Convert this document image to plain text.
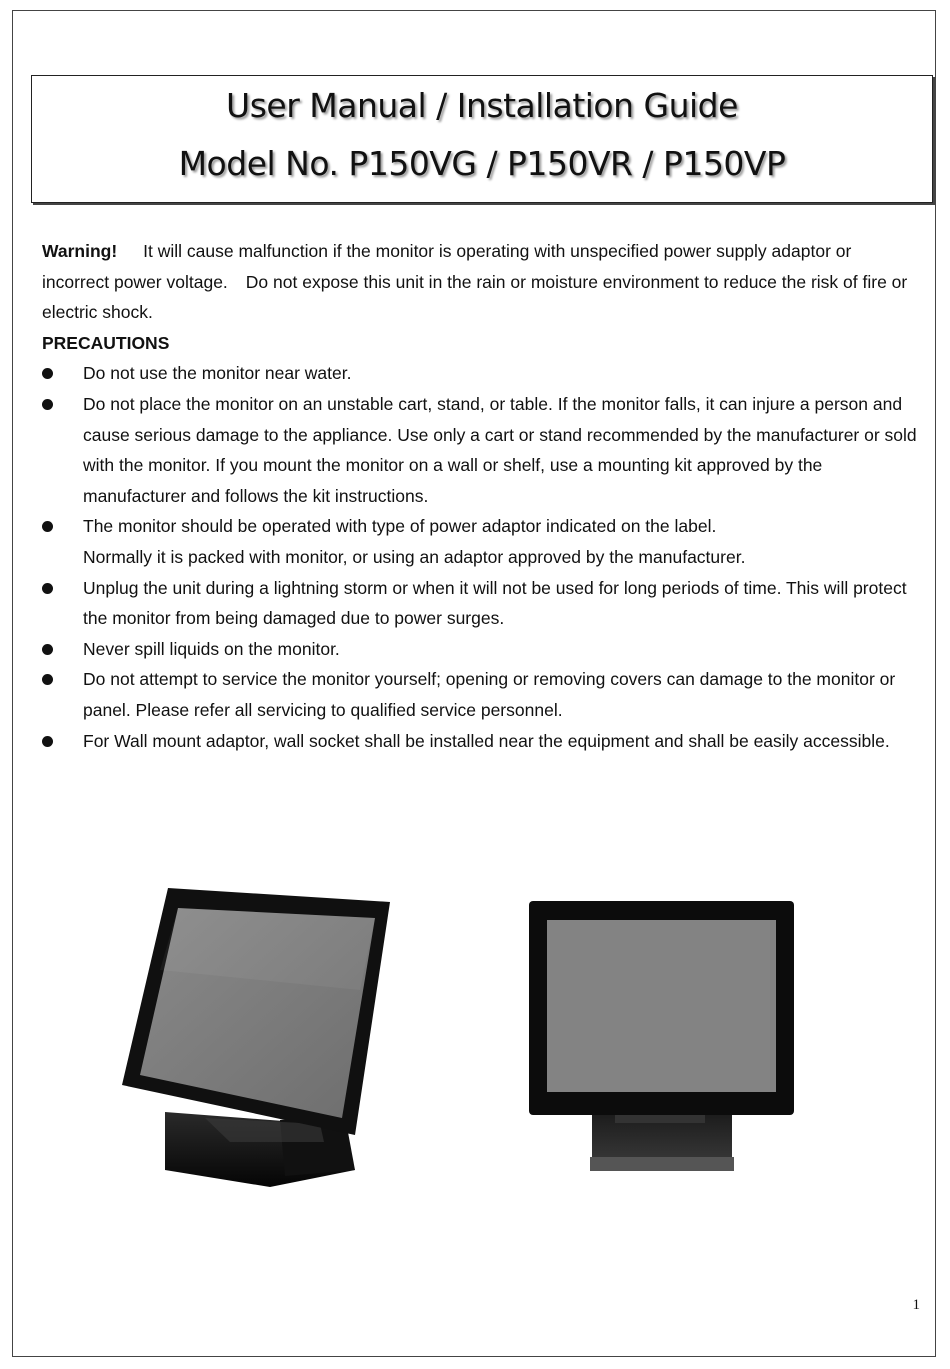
User Manual / Installation Guide
Model No. P150VG / P150VR / P150VP

Warning! It will cause malfunction if the monitor is operating with unspecified power supply adaptor or incorrect power voltage. Do not expose this unit in the rain or moisture environment to reduce the risk of fire or electric shock.

PRECAUTIONS

Do not use the monitor near water.
Do not place the monitor on an unstable cart, stand, or table. If the monitor falls, it can injure a person and cause serious damage to the appliance. Use only a cart or stand recommended by the manufacturer or sold with the monitor. If you mount the monitor on a wall or shelf, use a mounting kit approved by the manufacturer and follows the kit instructions.
The monitor should be operated with type of power adaptor indicated on the label.
Normally it is packed with monitor, or using an adaptor approved by the manufacturer.
Unplug the unit during a lightning storm or when it will not be used for long periods of time. This will protect the monitor from being damaged due to power surges.
Never spill liquids on the monitor.
Do not attempt to service the monitor yourself; opening or removing covers can damage to the monitor or panel. Please refer all servicing to qualified service personnel.
For Wall mount adaptor, wall socket shall be installed near the equipment and shall be easily accessible.
1
